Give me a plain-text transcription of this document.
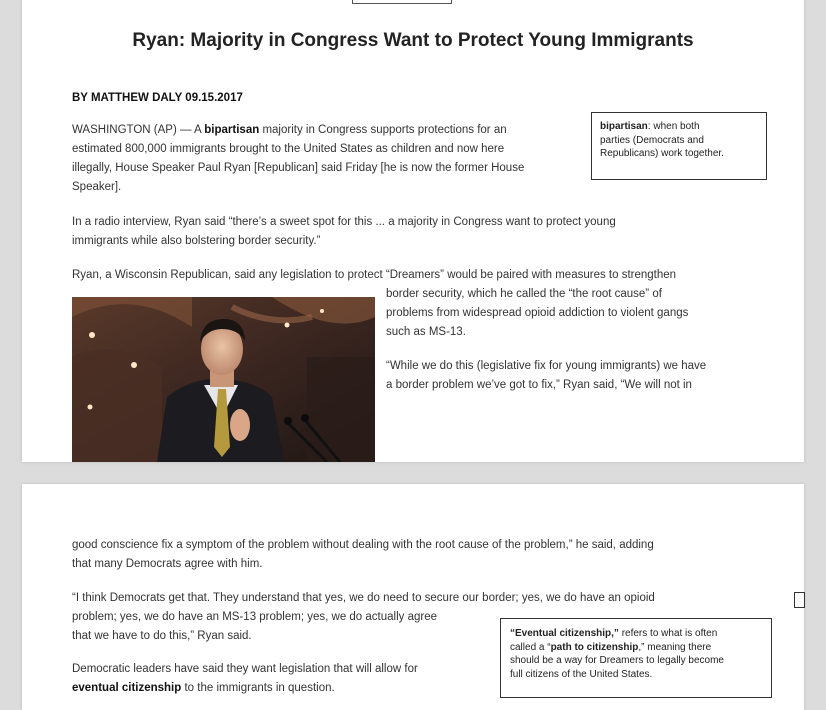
Ryan: Majority in Congress Want to Protect Young Immigrants
BY MATTHEW DALY 09.15.2017

WASHINGTON (AP) — A bipartisan majority in Congress supports protections for an
estimated 800,000 immigrants brought to the United States as children and now here
illegally, House Speaker Paul Ryan [Republican] said Friday [he is now the former House
Speaker].

bipartisan: when both
parties (Democrats and
Republicans) work together.

In a radio interview, Ryan said “there’s a sweet spot for this ... a majority in Congress want to protect young
immigrants while also bolstering border security.”

Ryan, a Wisconsin Republican, said any legislation to protect “Dreamers” would be paired with measures to strengthen

border security, which he called the “the root cause” of
problems from widespread opioid addiction to violent gangs
such as MS-13.

“While we do this (legislative fix for young immigrants) we have
a border problem we’ve got to fix,” Ryan said, “We will not in

good conscience fix a symptom of the problem without dealing with the root cause of the problem,” he said, adding
that many Democrats agree with him.

“I think Democrats get that. They understand that yes, we do need to secure our border; yes, we do have an opioid
problem; yes, we do have an MS-13 problem; yes, we do actually agree
that we have to do this,” Ryan said.

Democratic leaders have said they want legislation that will allow for
eventual citizenship to the immigrants in question.

“Eventual citizenship,” refers to what is often
called a “path to citizenship,” meaning there
should be a way for Dreamers to legally become
full citizens of the United States.
